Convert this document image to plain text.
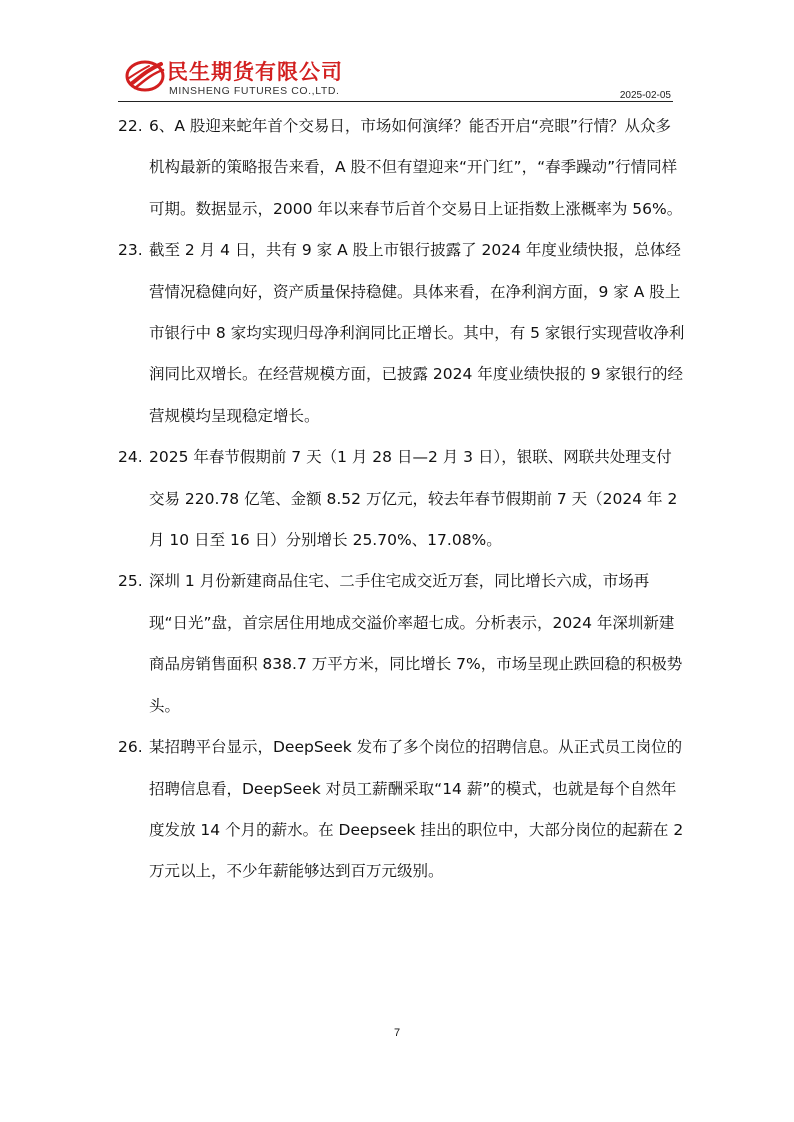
民生期货有限公司
MINSHENG FUTURES CO.,LTD.	2025-02-05
22. 6、A 股迎来蛇年首个交易日，市场如何演绎？能否开启“亮眼”行情？从众多机构最新的策略报告来看，A 股不但有望迎来“开门红”，“春季躁动”行情同样可期。数据显示，2000 年以来春节后首个交易日上证指数上涨概率为 56%。

23. 截至 2 月 4 日，共有 9 家 A 股上市银行披露了 2024 年度业绩快报，总体经营情况稳健向好，资产质量保持稳健。具体来看，在净利润方面，9 家 A 股上市银行中 8 家均实现归母净利润同比正增长。其中，有 5 家银行实现营收净利润同比双增长。在经营规模方面，已披露 2024 年度业绩快报的 9 家银行的经营规模均呈现稳定增长。

24. 2025 年春节假期前 7 天（1 月 28 日—2 月 3 日），银联、网联共处理支付交易 220.78 亿笔、金额 8.52 万亿元，较去年春节假期前 7 天（2024 年 2 月 10 日至 16 日）分别增长 25.70%、17.08%。

25. 深圳 1 月份新建商品住宅、二手住宅成交近万套，同比增长六成，市场再现“日光”盘，首宗居住用地成交溢价率超七成。分析表示，2024 年深圳新建商品房销售面积 838.7 万平方米，同比增长 7%，市场呈现止跌回稳的积极势头。

26. 某招聘平台显示，DeepSeek 发布了多个岗位的招聘信息。从正式员工岗位的招聘信息看，DeepSeek 对员工薪酬采取“14 薪”的模式，也就是每个自然年度发放 14 个月的薪水。在 Deepseek 挂出的职位中，大部分岗位的起薪在 2 万元以上，不少年薪能够达到百万元级别。

7
